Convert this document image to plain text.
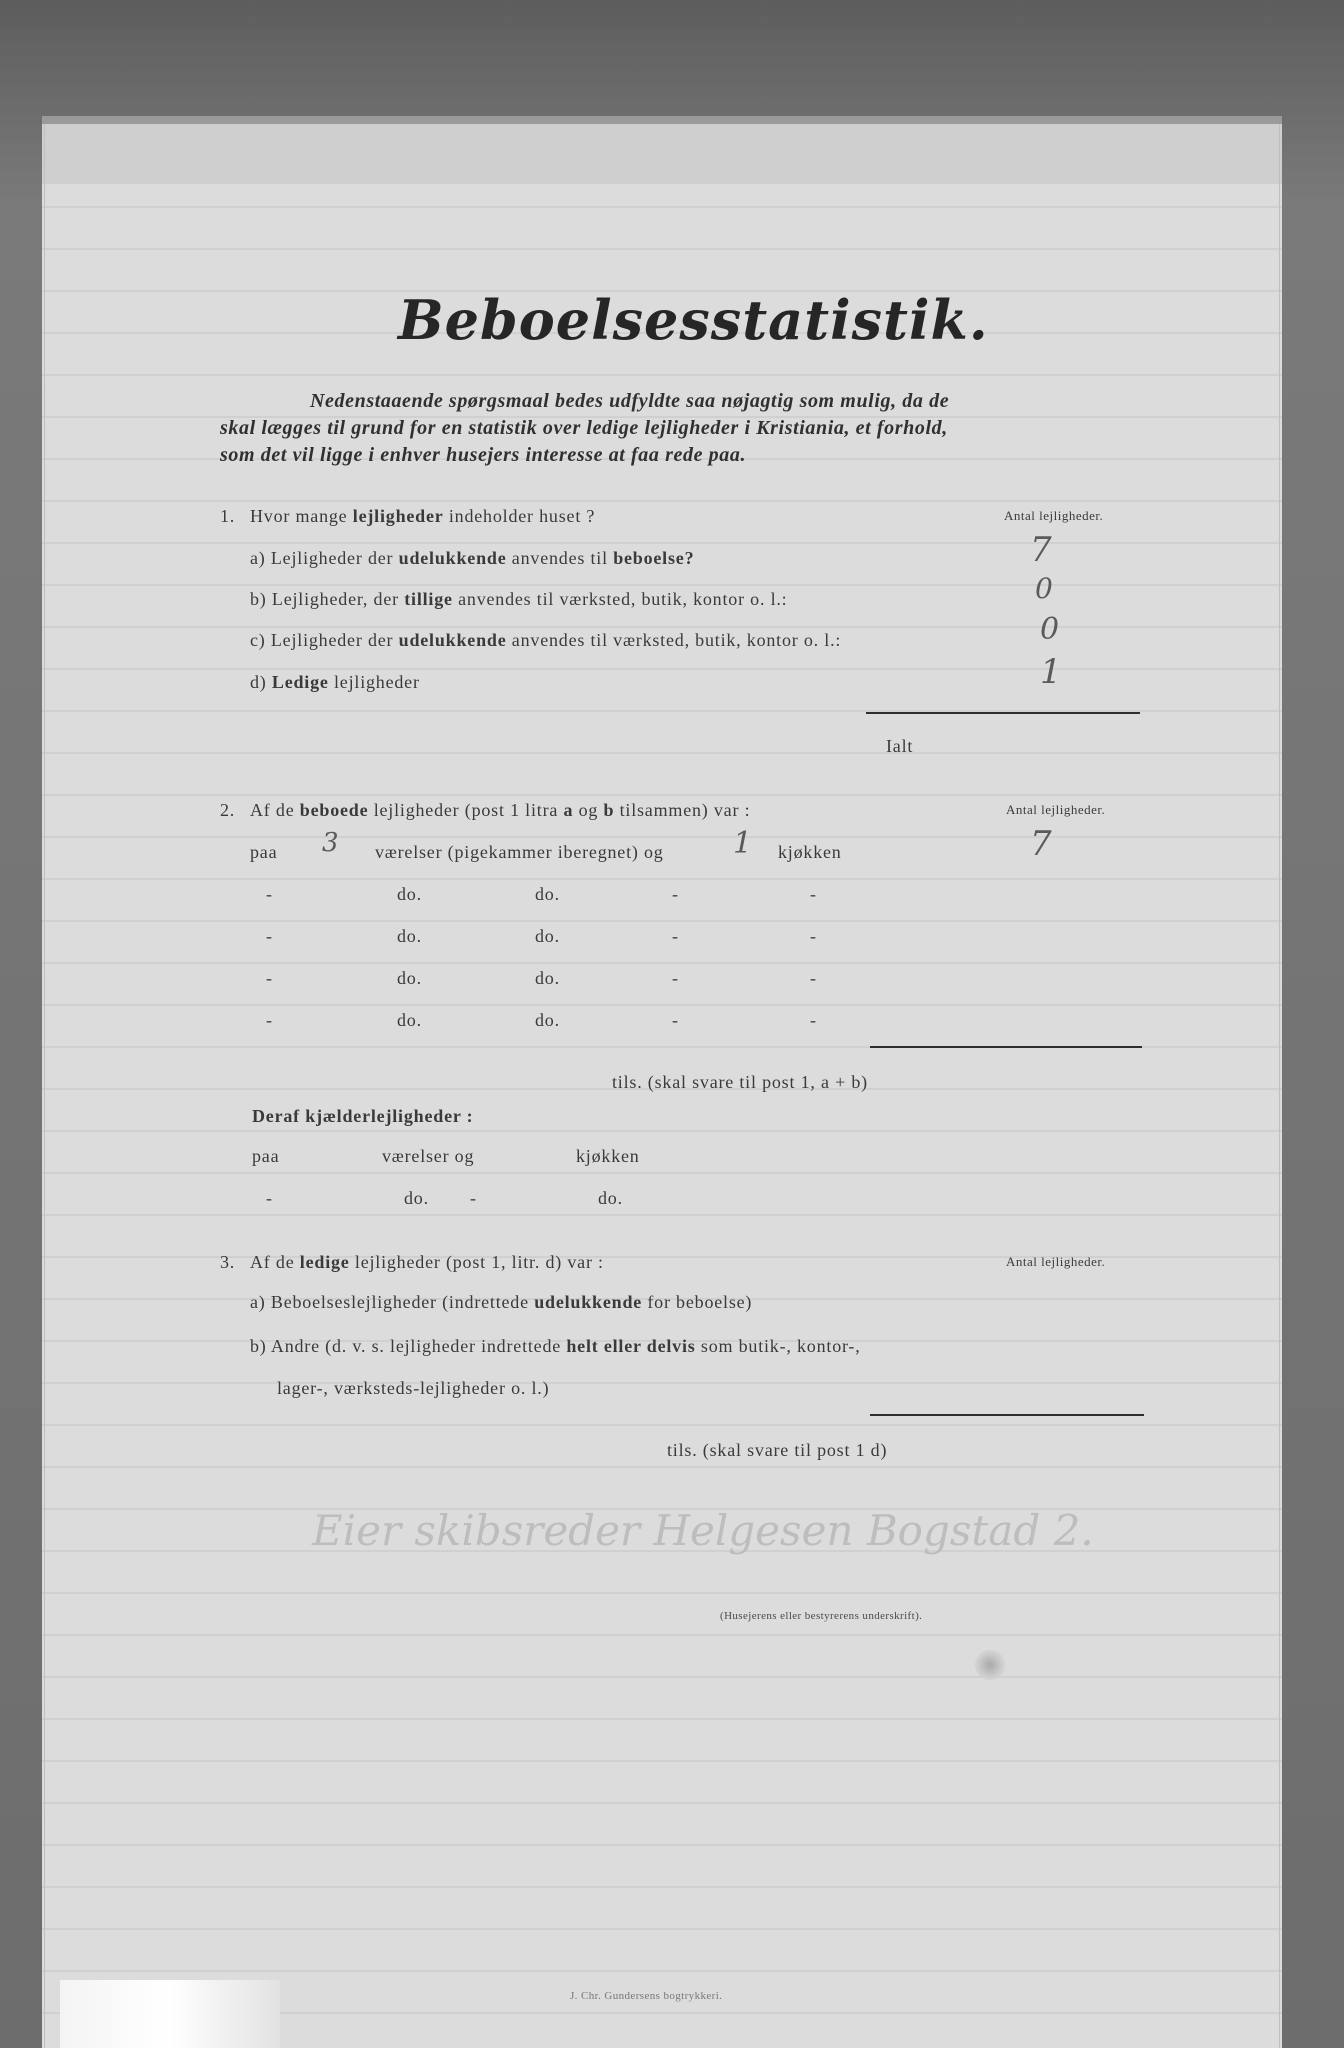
Beboelsesstatistik.
Nedenstaaende spørgsmaal bedes udfyldte saa nøjagtig som mulig, da de
skal lægges til grund for en statistik over ledige lejligheder i Kristiania, et forhold,
som det vil ligge i enhver husejers interesse at faa rede paa.
1. Hvor mange lejligheder indeholder huset ?	Antal lejligheder.
a) Lejligheder der udelukkende anvendes til beboelse?	7
b) Lejligheder, der tillige anvendes til værksted, butik, kontor o. l.:	0
c) Lejligheder der udelukkende anvendes til værksted, butik, kontor o. l.:	0
d) Ledige lejligheder	1
Ialt
2. Af de beboede lejligheder (post 1 litra a og b tilsammen) var :	Antal lejligheder.
paa 3 værelser (pigekammer iberegnet) og 1 kjøkken	7
-	do.	do.	-	-
-	do.	do.	-	-
-	do.	do.	-	-
-	do.	do.	-	-
tils. (skal svare til post 1, a + b)
Deraf kjælderlejligheder :
paa	værelser og	kjøkken
-	do. -	do.
3. Af de ledige lejligheder (post 1, litr. d) var :	Antal lejligheder.
a) Beboelseslejligheder (indrettede udelukkende for beboelse)
b) Andre (d. v. s. lejligheder indrettede helt eller delvis som butik-, kontor-,
lager-, værksteds-lejligheder o. l.)
tils. (skal svare til post 1 d)
Eier skibsreder Helgesen Bogstad 2.
(Husejerens eller bestyrerens underskrift).
J. Chr. Gundersens bogtrykkeri.
